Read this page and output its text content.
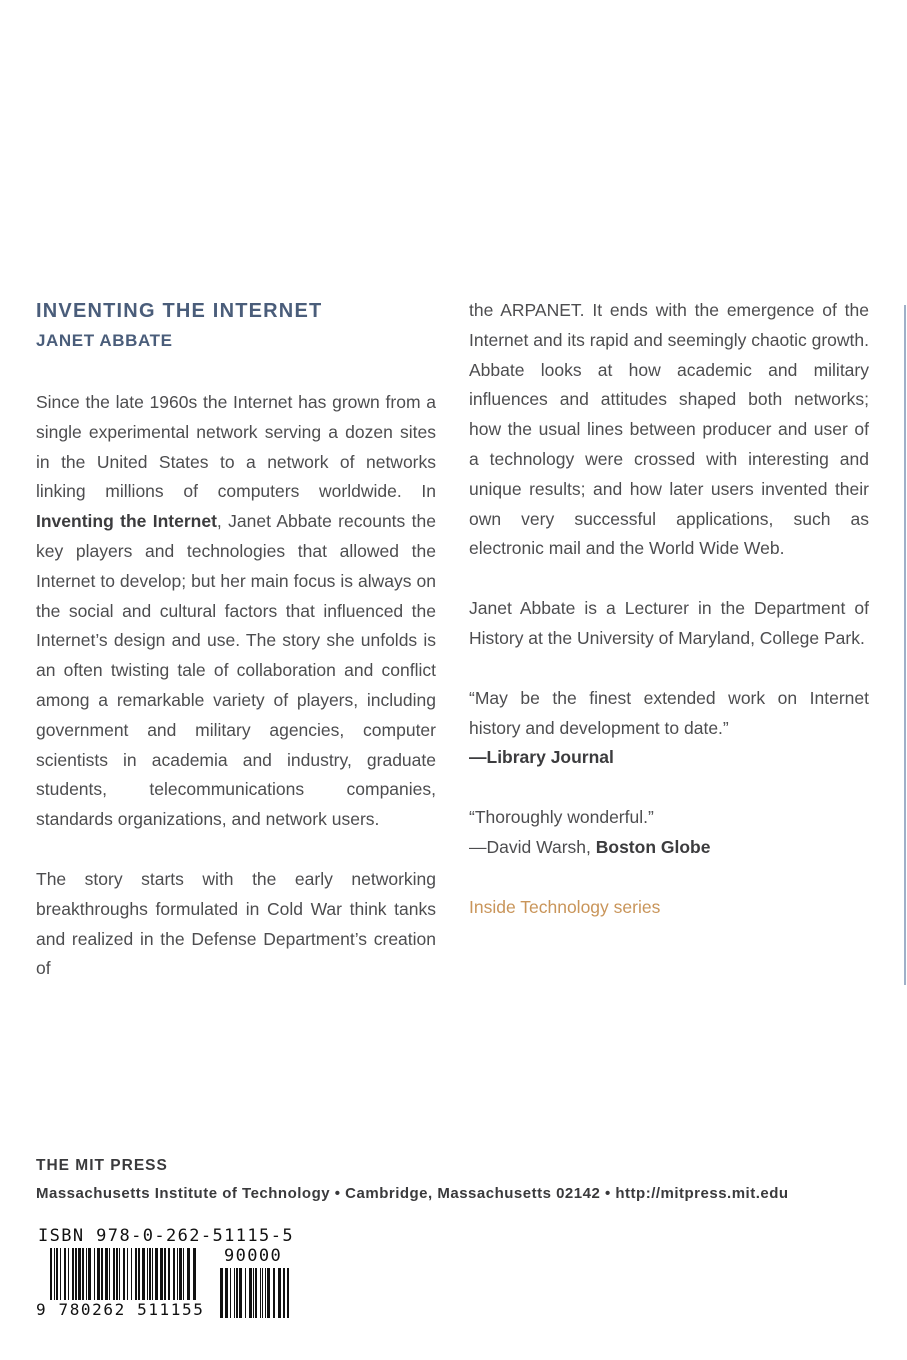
INVENTING THE INTERNET
JANET ABBATE

Since the late 1960s the Internet has grown from a single experimental network serving a dozen sites in the United States to a network of networks linking millions of computers worldwide. In Inventing the Internet, Janet Abbate recounts the key players and technologies that allowed the Internet to develop; but her main focus is always on the social and cultural factors that influenced the Internet’s design and use. The story she unfolds is an often twisting tale of collaboration and conflict among a remarkable variety of players, including government and military agencies, computer scientists in academia and industry, graduate students, telecommunications companies, standards organizations, and network users.

The story starts with the early networking breakthroughs formulated in Cold War think tanks and realized in the Defense Department’s creation of

the ARPANET. It ends with the emergence of the Internet and its rapid and seemingly chaotic growth. Abbate looks at how academic and military influences and attitudes shaped both networks; how the usual lines between producer and user of a technology were crossed with interesting and unique results; and how later users invented their own very successful applications, such as electronic mail and the World Wide Web.

Janet Abbate is a Lecturer in the Department of History at the University of Maryland, College Park.

“May be the finest extended work on Internet history and development to date.”

—Library Journal

“Thoroughly wonderful.”

—David Warsh, Boston Globe

Inside Technology series

THE MIT PRESS
Massachusetts Institute of Technology • Cambridge, Massachusetts 02142 • http://mitpress.mit.edu
ISBN 978-0-262-51115-5
90000
9 780262 511155
